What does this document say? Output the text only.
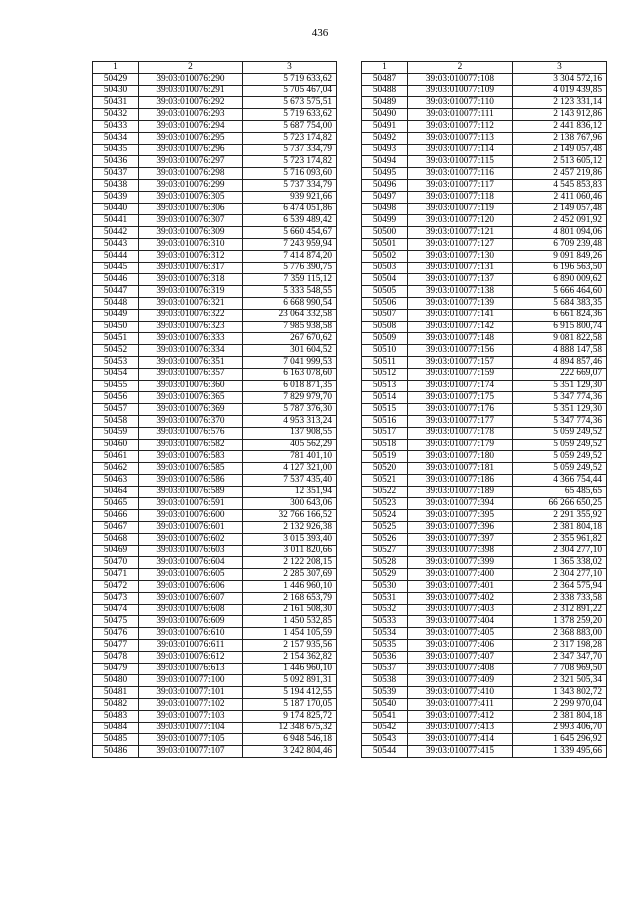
436
1	2	3
50429	39:03:010076:290	5 719 633,62
50430	39:03:010076:291	5 705 467,04
50431	39:03:010076:292	5 673 575,51
50432	39:03:010076:293	5 719 633,62
50433	39:03:010076:294	5 687 754,00
50434	39:03:010076:295	5 723 174,82
50435	39:03:010076:296	5 737 334,79
50436	39:03:010076:297	5 723 174,82
50437	39:03:010076:298	5 716 093,60
50438	39:03:010076:299	5 737 334,79
50439	39:03:010076:305	939 921,66
50440	39:03:010076:306	6 474 051,86
50441	39:03:010076:307	6 539 489,42
50442	39:03:010076:309	5 660 454,67
50443	39:03:010076:310	7 243 959,94
50444	39:03:010076:312	7 414 874,20
50445	39:03:010076:317	5 776 390,75
50446	39:03:010076:318	7 359 115,12
50447	39:03:010076:319	5 333 548,55
50448	39:03:010076:321	6 668 990,54
50449	39:03:010076:322	23 064 332,58
50450	39:03:010076:323	7 985 938,58
50451	39:03:010076:333	267 670,62
50452	39:03:010076:334	301 604,52
50453	39:03:010076:351	7 041 999,53
50454	39:03:010076:357	6 163 078,60
50455	39:03:010076:360	6 018 871,35
50456	39:03:010076:365	7 829 979,70
50457	39:03:010076:369	5 787 376,30
50458	39:03:010076:370	4 953 313,24
50459	39:03:010076:576	137 908,55
50460	39:03:010076:582	405 562,29
50461	39:03:010076:583	781 401,10
50462	39:03:010076:585	4 127 321,00
50463	39:03:010076:586	7 537 435,40
50464	39:03:010076:589	12 351,94
50465	39:03:010076:591	300 643,06
50466	39:03:010076:600	32 766 166,52
50467	39:03:010076:601	2 132 926,38
50468	39:03:010076:602	3 015 393,40
50469	39:03:010076:603	3 011 820,66
50470	39:03:010076:604	2 122 208,15
50471	39:03:010076:605	2 285 307,69
50472	39:03:010076:606	1 446 960,10
50473	39:03:010076:607	2 168 653,79
50474	39:03:010076:608	2 161 508,30
50475	39:03:010076:609	1 450 532,85
50476	39:03:010076:610	1 454 105,59
50477	39:03:010076:611	2 157 935,56
50478	39:03:010076:612	2 154 362,82
50479	39:03:010076:613	1 446 960,10
50480	39:03:010077:100	5 092 891,31
50481	39:03:010077:101	5 194 412,55
50482	39:03:010077:102	5 187 170,05
50483	39:03:010077:103	9 174 825,72
50484	39:03:010077:104	12 348 675,32
50485	39:03:010077:105	6 948 546,18
50486	39:03:010077:107	3 242 804,46
1	2	3
50487	39:03:010077:108	3 304 572,16
50488	39:03:010077:109	4 019 439,85
50489	39:03:010077:110	2 123 331,14
50490	39:03:010077:111	2 143 912,86
50491	39:03:010077:112	2 441 836,12
50492	39:03:010077:113	2 138 767,96
50493	39:03:010077:114	2 149 057,48
50494	39:03:010077:115	2 513 605,12
50495	39:03:010077:116	2 457 219,86
50496	39:03:010077:117	4 545 853,83
50497	39:03:010077:118	2 411 060,46
50498	39:03:010077:119	2 149 057,48
50499	39:03:010077:120	2 452 091,92
50500	39:03:010077:121	4 801 094,06
50501	39:03:010077:127	6 709 239,48
50502	39:03:010077:130	9 091 849,26
50503	39:03:010077:131	6 196 563,50
50504	39:03:010077:137	6 890 009,62
50505	39:03:010077:138	5 666 464,60
50506	39:03:010077:139	5 684 383,35
50507	39:03:010077:141	6 661 824,36
50508	39:03:010077:142	6 915 800,74
50509	39:03:010077:148	9 081 822,58
50510	39:03:010077:156	4 888 147,58
50511	39:03:010077:157	4 894 857,46
50512	39:03:010077:159	222 669,07
50513	39:03:010077:174	5 351 129,30
50514	39:03:010077:175	5 347 774,36
50515	39:03:010077:176	5 351 129,30
50516	39:03:010077:177	5 347 774,36
50517	39:03:010077:178	5 059 249,52
50518	39:03:010077:179	5 059 249,52
50519	39:03:010077:180	5 059 249,52
50520	39:03:010077:181	5 059 249,52
50521	39:03:010077:186	4 366 754,44
50522	39:03:010077:189	65 485,65
50523	39:03:010077:394	66 266 650,25
50524	39:03:010077:395	2 291 355,92
50525	39:03:010077:396	2 381 804,18
50526	39:03:010077:397	2 355 961,82
50527	39:03:010077:398	2 304 277,10
50528	39:03:010077:399	1 365 338,02
50529	39:03:010077:400	2 304 277,10
50530	39:03:010077:401	2 364 575,94
50531	39:03:010077:402	2 338 733,58
50532	39:03:010077:403	2 312 891,22
50533	39:03:010077:404	1 378 259,20
50534	39:03:010077:405	2 368 883,00
50535	39:03:010077:406	2 317 198,28
50536	39:03:010077:407	2 347 347,70
50537	39:03:010077:408	7 708 969,50
50538	39:03:010077:409	2 321 505,34
50539	39:03:010077:410	1 343 802,72
50540	39:03:010077:411	2 299 970,04
50541	39:03:010077:412	2 381 804,18
50542	39:03:010077:413	2 993 406,70
50543	39:03:010077:414	1 645 296,92
50544	39:03:010077:415	1 339 495,66
